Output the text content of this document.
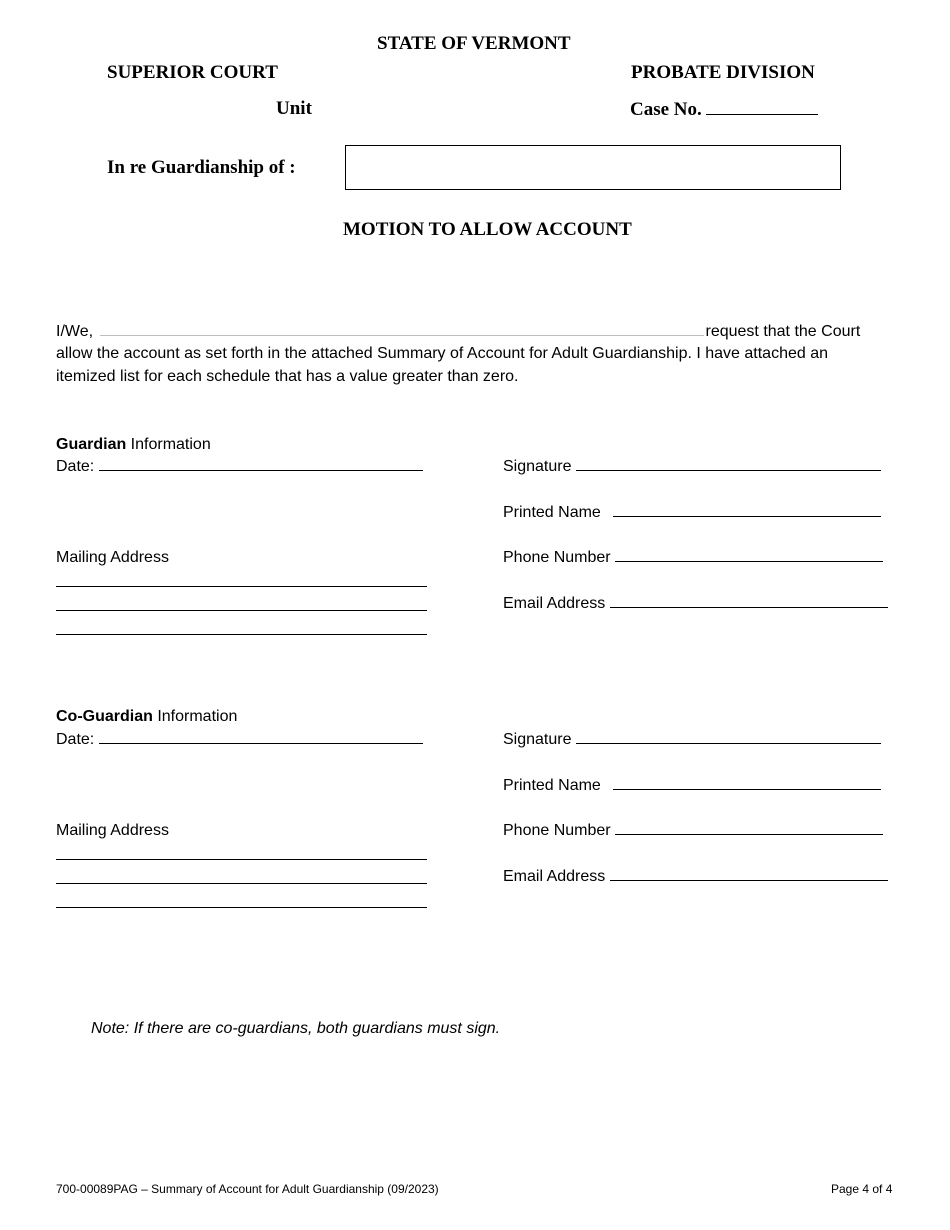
STATE OF VERMONT
SUPERIOR COURT	PROBATE DIVISION
Unit	Case No.
In re Guardianship of :
MOTION TO ALLOW ACCOUNT
I/We,	request that the Court
allow the account as set forth in the attached Summary of Account for Adult Guardianship. I have attached an
itemized list for each schedule that has a value greater than zero.
Guardian Information
Date:	Signature
Printed Name
Mailing Address	Phone Number
Email Address
Co-Guardian Information
Date:	Signature
Printed Name
Mailing Address	Phone Number
Email Address
Note: If there are co-guardians, both guardians must sign.
700-00089PAG – Summary of Account for Adult Guardianship (09/2023)	Page 4 of 4
